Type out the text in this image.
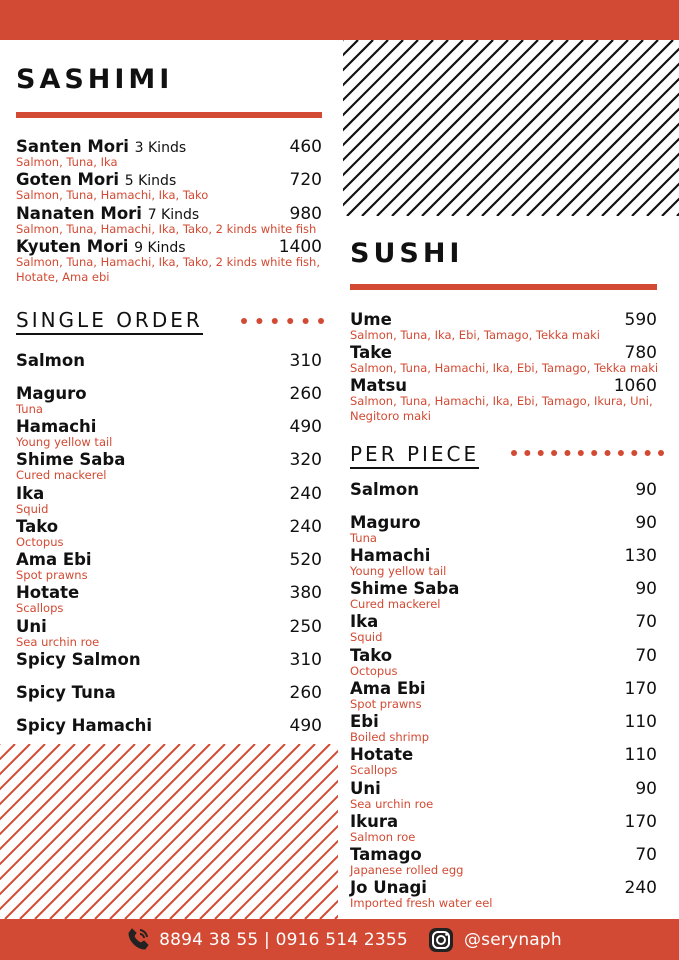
SASHIMI
Santen Mori 3 Kinds	460
Salmon, Tuna, Ika
Goten Mori 5 Kinds	720
Salmon, Tuna, Hamachi, Ika, Tako
Nanaten Mori 7 Kinds	980
Salmon, Tuna, Hamachi, Ika, Tako, 2 kinds white fish
Kyuten Mori 9 Kinds	1400
Salmon, Tuna, Hamachi, Ika, Tako, 2 kinds white fish, Hotate, Ama ebi
SINGLE ORDER
Salmon	310
Maguro	260
Tuna
Hamachi	490
Young yellow tail
Shime Saba	320
Cured mackerel
Ika	240
Squid
Tako	240
Octopus
Ama Ebi	520
Spot prawns
Hotate	380
Scallops
Uni	250
Sea urchin roe
Spicy Salmon	310
Spicy Tuna	260
Spicy Hamachi	490
SUSHI
Ume	590
Salmon, Tuna, Ika, Ebi, Tamago, Tekka maki
Take	780
Salmon, Tuna, Hamachi, Ika, Ebi, Tamago, Tekka maki
Matsu	1060
Salmon, Tuna, Hamachi, Ika, Ebi, Tamago, Ikura, Uni, Negitoro maki
PER PIECE
Salmon	90
Maguro	90
Tuna
Hamachi	130
Young yellow tail
Shime Saba	90
Cured mackerel
Ika	70
Squid
Tako	70
Octopus
Ama Ebi	170
Spot prawns
Ebi	110
Boiled shrimp
Hotate	110
Scallops
Uni	90
Sea urchin roe
Ikura	170
Salmon roe
Tamago	70
Japanese rolled egg
Jo Unagi	240
Imported fresh water eel
8894 38 55 | 0916 514 2355	@serynaph
